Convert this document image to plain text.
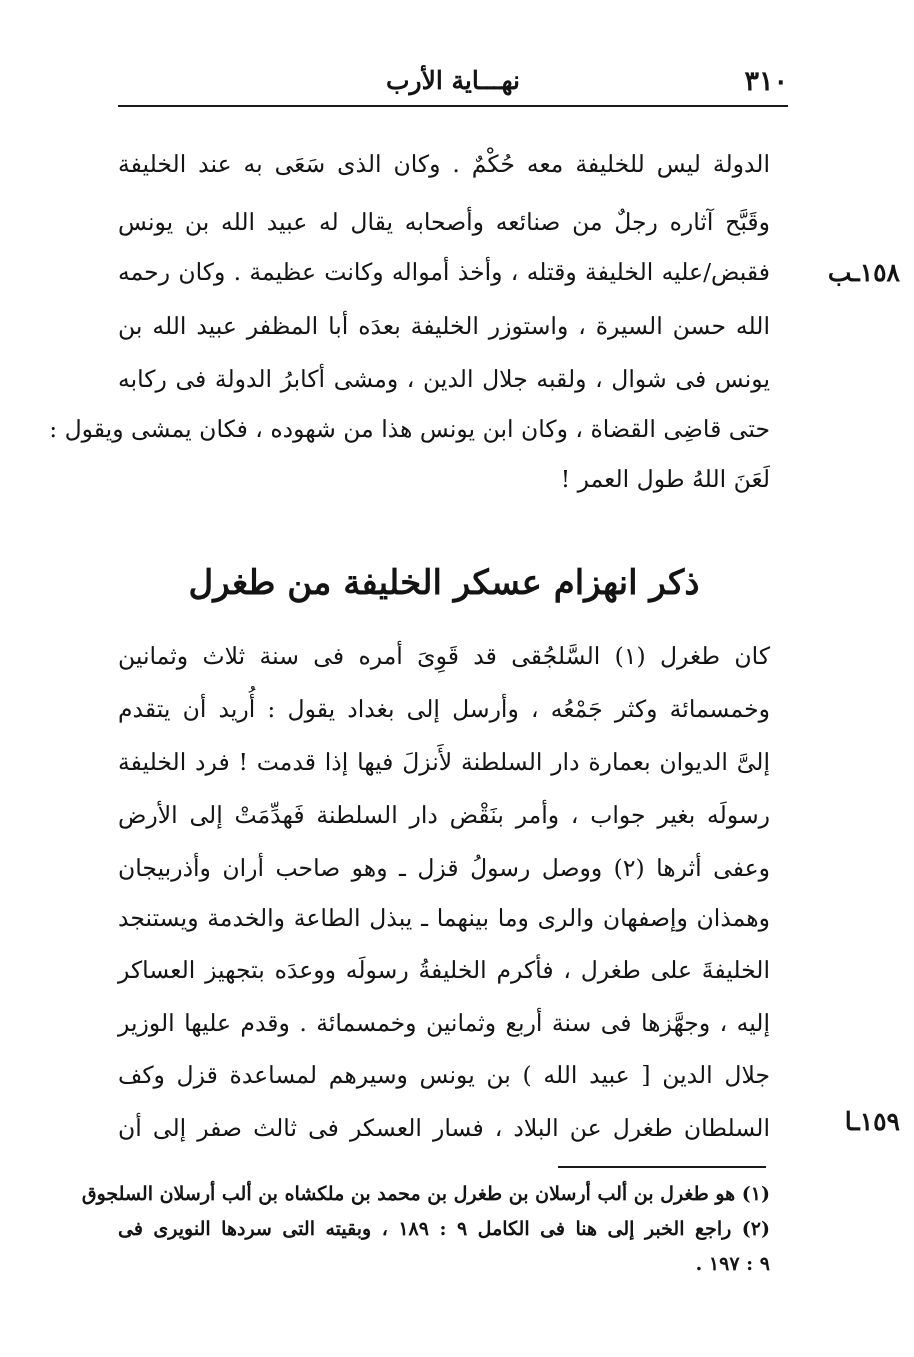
٣١٠
نهـــاية الأرب
١٥٨ـب
١٥٩ـا
الدولة ليس للخليفة معه حُكْمٌ . وكان الذى سَعَى به عند الخليفة
وقَبَّح آثاره رجلٌ من صنائعه وأصحابه يقال له عبيد الله بن يونس
فقبض/عليه الخليفة وقتله ، وأخذ أمواله وكانت عظيمة . وكان رحمه
الله حسن السيرة ، واستوزر الخليفة بعدَه أبا المظفر عبيد الله بن
يونس فى شوال ، ولقبه جلال الدين ، ومشى أكابرُ الدولة فى ركابه
حتى قاضِى القضاة ، وكان ابن يونس هذا من شهوده ، فكان يمشى ويقول :
لَعَنَ اللهُ طول العمر !
ذكر انهزام عسكر الخليفة من طغرل
كان طغرل (١) السَّلجُقى قد قَوِىَ أمره فى سنة ثلاث وثمانين
وخمسمائة وكثر جَمْعُه ، وأرسل إلى بغداد يقول : أُريد أن يتقدم
إلىَّ الديوان بعمارة دار السلطنة لأَنزلَ فيها إذا قدمت ! فرد الخليفة
رسولَه بغير جواب ، وأمر بنَقْض دار السلطنة فَهدِّمَتْ إلى الأرض
وعفى أثرها (٢) ووصل رسولُ قزل ـ وهو صاحب أران وأذربيجان
وهمذان وإصفهان والرى وما بينهما ـ يبذل الطاعة والخدمة ويستنجد
الخليفةَ على طغرل ، فأكرم الخليفةُ رسولَه ووعدَه بتجهيز العساكر
إليه ، وجهَّزها فى سنة أربع وثمانين وخمسمائة . وقدم عليها الوزير
جلال الدين [ عبيد الله ) بن يونس وسيرهم لمساعدة قزل وكف
السلطان طغرل عن البلاد ، فسار العسكر فى ثالث صفر إلى أن
(١) هو طغرل بن ألب أرسلان بن طغرل بن محمد بن ملكشاه بن ألب أرسلان السلجوق
(٢) راجع الخبر إلى هنا فى الكامل ٩ : ١٨٩ ، وبقيته التى سردها النويرى فى
٩ : ١٩٧ .
